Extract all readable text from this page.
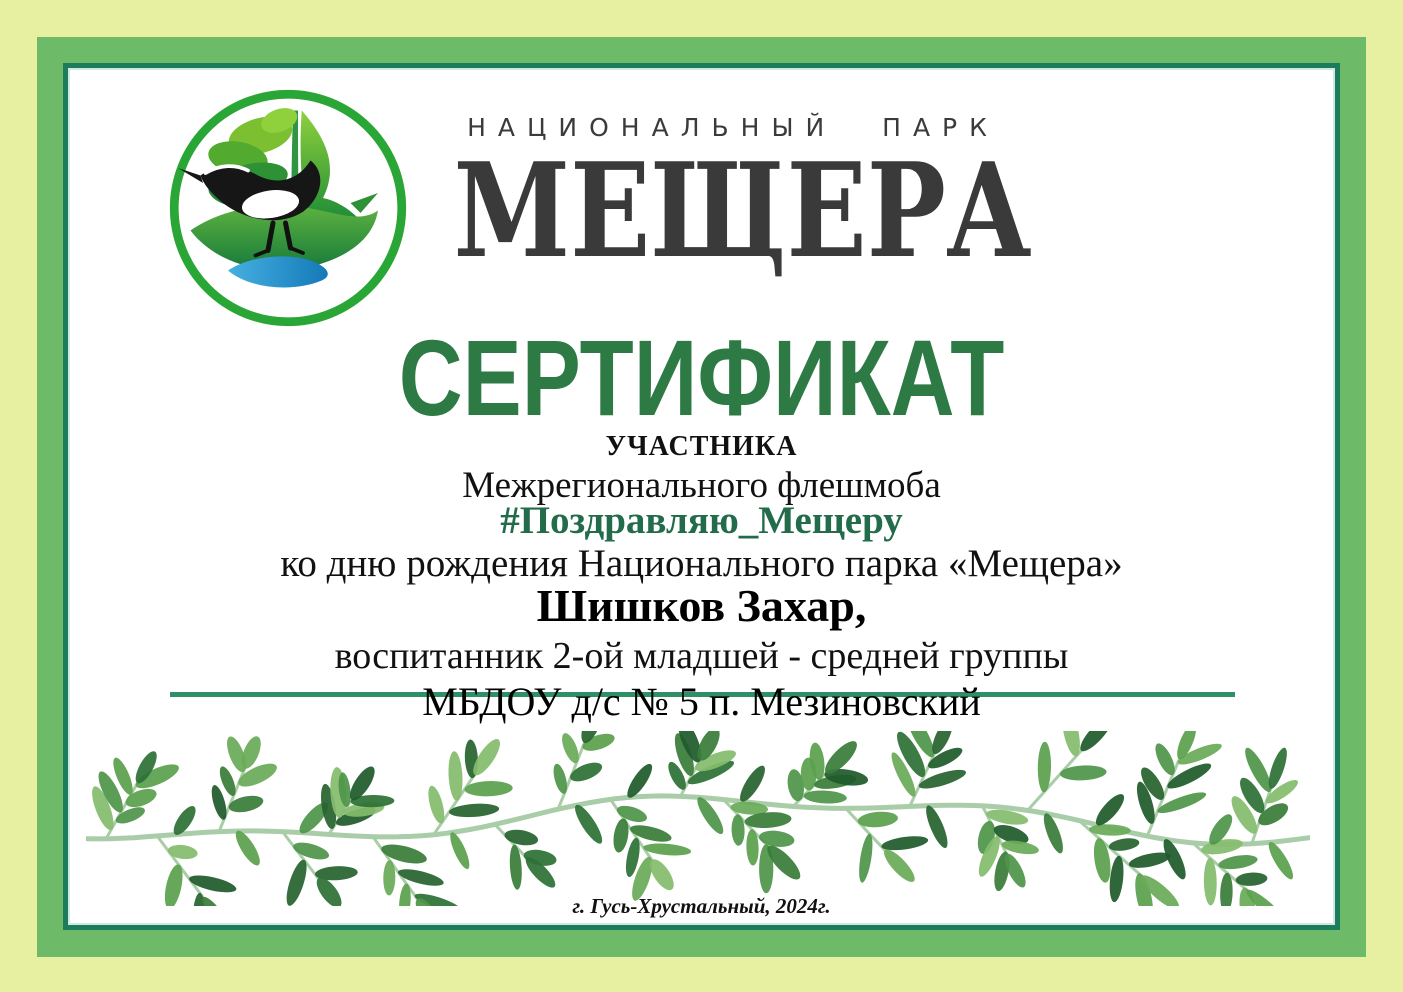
НАЦИОНАЛЬНЫЙ ПАРК
МЕЩЕРА
СЕРТИФИКАТ
УЧАСТНИКА
Межрегионального флешмоба
#Поздравляю_Мещеру
ко дню рождения Национального парка «Мещера»
Шишков Захар,
воспитанник 2-ой младшей - средней группы
МБДОУ д/с № 5 п. Мезиновский
г. Гусь-Хрустальный, 2024г.
